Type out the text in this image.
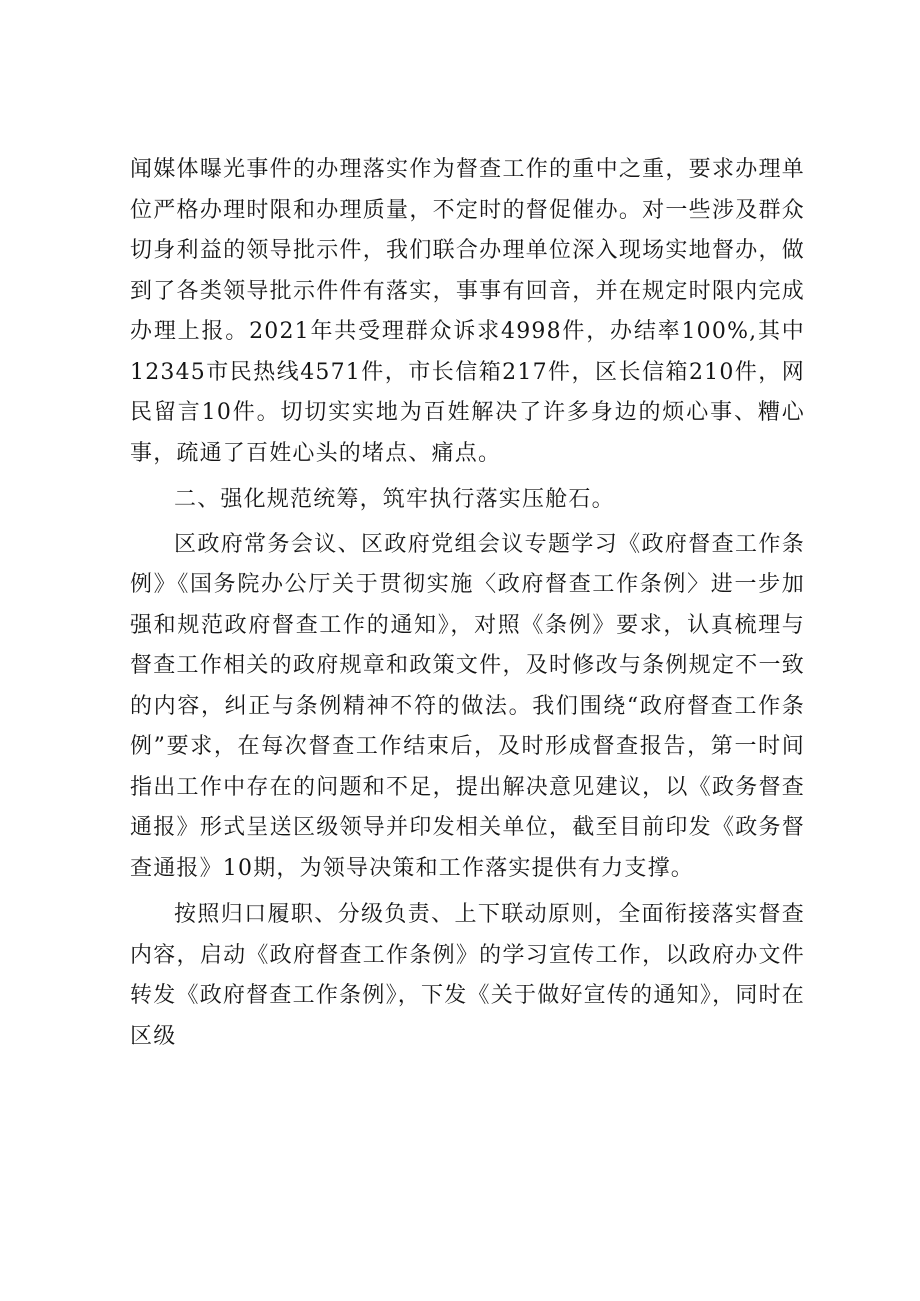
闻媒体曝光事件的办理落实作为督查工作的重中之重，要求办理单位严格办理时限和办理质量，不定时的督促催办。对一些涉及群众切身利益的领导批示件，我们联合办理单位深入现场实地督办，做到了各类领导批示件件有落实，事事有回音，并在规定时限内完成办理上报。2021年共受理群众诉求4998件，办结率100%,其中12345市民热线4571件，市长信箱217件，区长信箱210件，网民留言10件。切切实实地为百姓解决了许多身边的烦心事、糟心事，疏通了百姓心头的堵点、痛点。

二、强化规范统筹，筑牢执行落实压舱石。

区政府常务会议、区政府党组会议专题学习《政府督查工作条例》《国务院办公厅关于贯彻实施〈政府督查工作条例〉进一步加强和规范政府督查工作的通知》，对照《条例》要求，认真梳理与督查工作相关的政府规章和政策文件，及时修改与条例规定不一致的内容，纠正与条例精神不符的做法。我们围绕“政府督查工作条例”要求，在每次督查工作结束后，及时形成督查报告，第一时间指出工作中存在的问题和不足，提出解决意见建议，以《政务督查通报》形式呈送区级领导并印发相关单位，截至目前印发《政务督查通报》10期，为领导决策和工作落实提供有力支撑。

按照归口履职、分级负责、上下联动原则，全面衔接落实督查内容，启动《政府督查工作条例》的学习宣传工作，以政府办文件转发《政府督查工作条例》，下发《关于做好宣传的通知》，同时在区级
